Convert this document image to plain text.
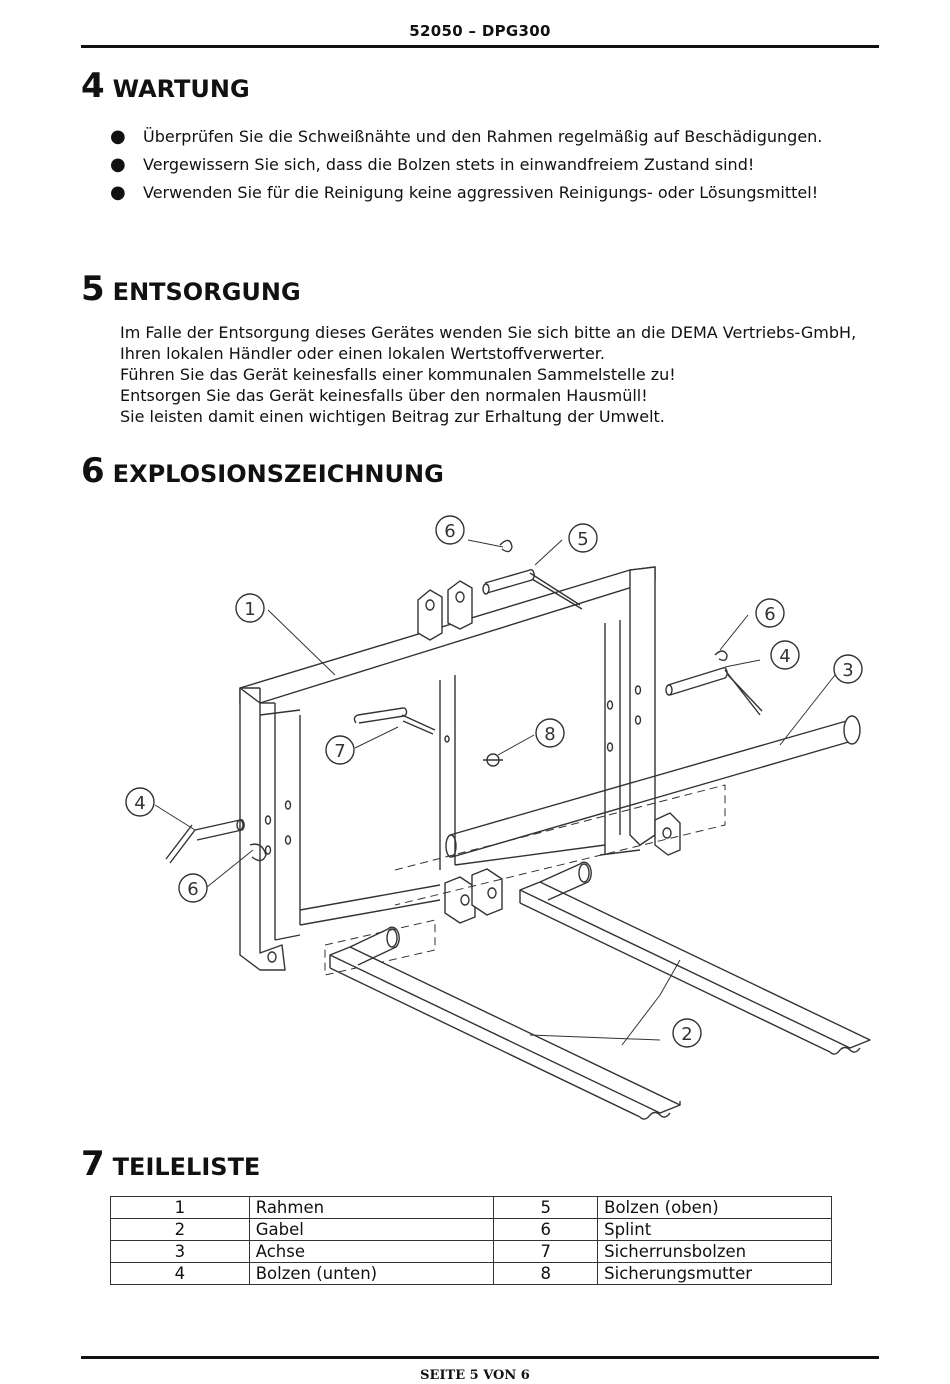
52050 – DPG300
4 WARTUNG
● Überprüfen Sie die Schweißnähte und den Rahmen regelmäßig auf Beschädigungen.
● Vergewissern Sie sich, dass die Bolzen stets in einwandfreiem Zustand sind!
● Verwenden Sie für die Reinigung keine aggressiven Reinigungs- oder Lösungsmittel!
5 ENTSORGUNG

Im Falle der Entsorgung dieses Gerätes wenden Sie sich bitte an die DEMA Vertriebs-GmbH, Ihren lokalen Händler oder einen lokalen Wertstoffverwerter.

Führen Sie das Gerät keinesfalls einer kommunalen Sammelstelle zu!

Entsorgen Sie das Gerät keinesfalls über den normalen Hausmüll!

Sie leisten damit einen wichtigen Beitrag zur Erhaltung der Umwelt.

6 EXPLOSIONSZEICHNUNG
1
2
3
4
4
5
6
6
6
7
8
7 TEILELISTE
1	Rahmen	5	Bolzen (oben)
2	Gabel	6	Splint
3	Achse	7	Sicherrunsbolzen
4	Bolzen (unten)	8	Sicherungsmutter
SEITE 5 VON 6
